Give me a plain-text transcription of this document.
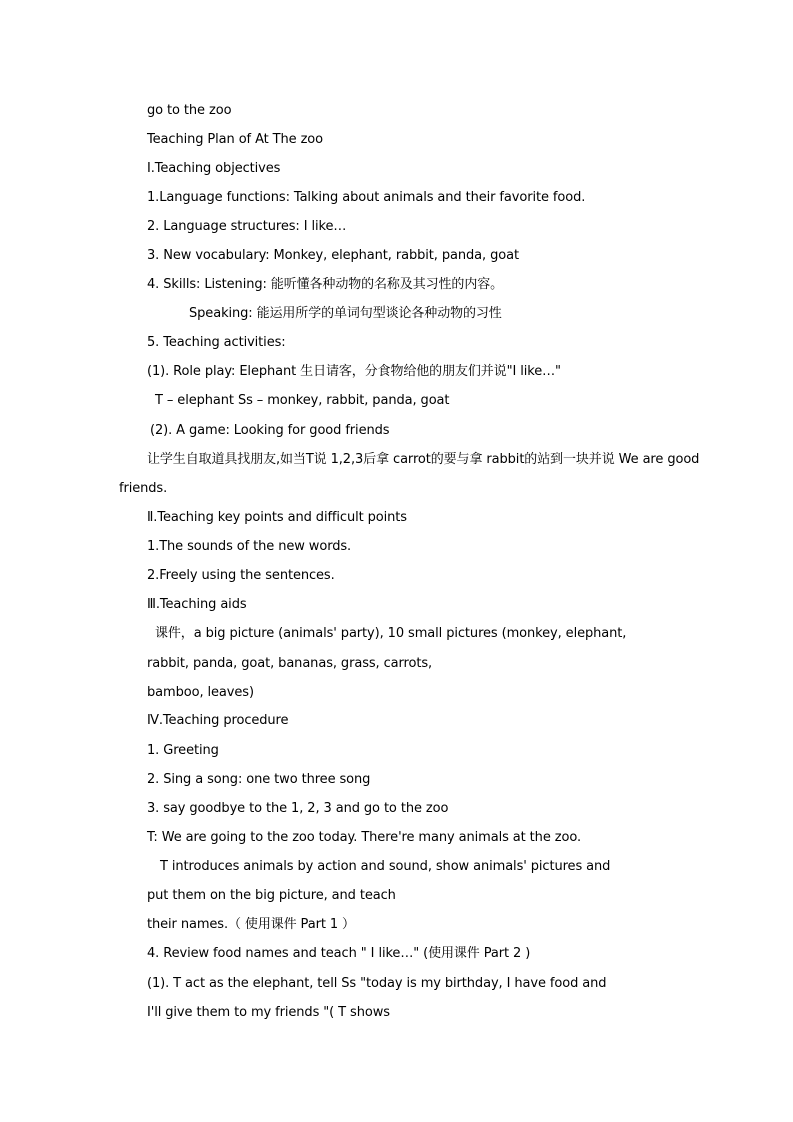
go to the zoo
Teaching Plan of At The zoo
Ⅰ.Teaching objectives
1.Language functions: Talking about animals and their favorite food.
2. Language structures: I like…
3. New vocabulary: Monkey, elephant, rabbit, panda, goat
4. Skills: Listening: 能听懂各种动物的名称及其习性的内容。
Speaking: 能运用所学的单词句型谈论各种动物的习性
5. Teaching activities:
(1). Role play: Elephant 生日请客，分食物给他的朋友们并说"I like…"
T – elephant Ss – monkey, rabbit, panda, goat
(2). A game: Looking for good friends
让学生自取道具找朋友,如当T说 1,2,3后拿 carrot的要与拿 rabbit的站到一块并说 We are good
friends.
Ⅱ.Teaching key points and difficult points
1.The sounds of the new words.
2.Freely using the sentences.
Ⅲ.Teaching aids
课件，a big picture (animals' party), 10 small pictures (monkey, elephant,
rabbit, panda, goat, bananas, grass, carrots,
bamboo, leaves)
Ⅳ.Teaching procedure
1. Greeting
2. Sing a song: one two three song
3. say goodbye to the 1, 2, 3 and go to the zoo
T: We are going to the zoo today. There're many animals at the zoo.
T introduces animals by action and sound, show animals' pictures and
put them on the big picture, and teach
their names.（ 使用课件 Part 1 ）
4. Review food names and teach " I like…" (使用课件 Part 2 )
(1). T act as the elephant, tell Ss "today is my birthday, I have food and
I'll give them to my friends "( T shows
